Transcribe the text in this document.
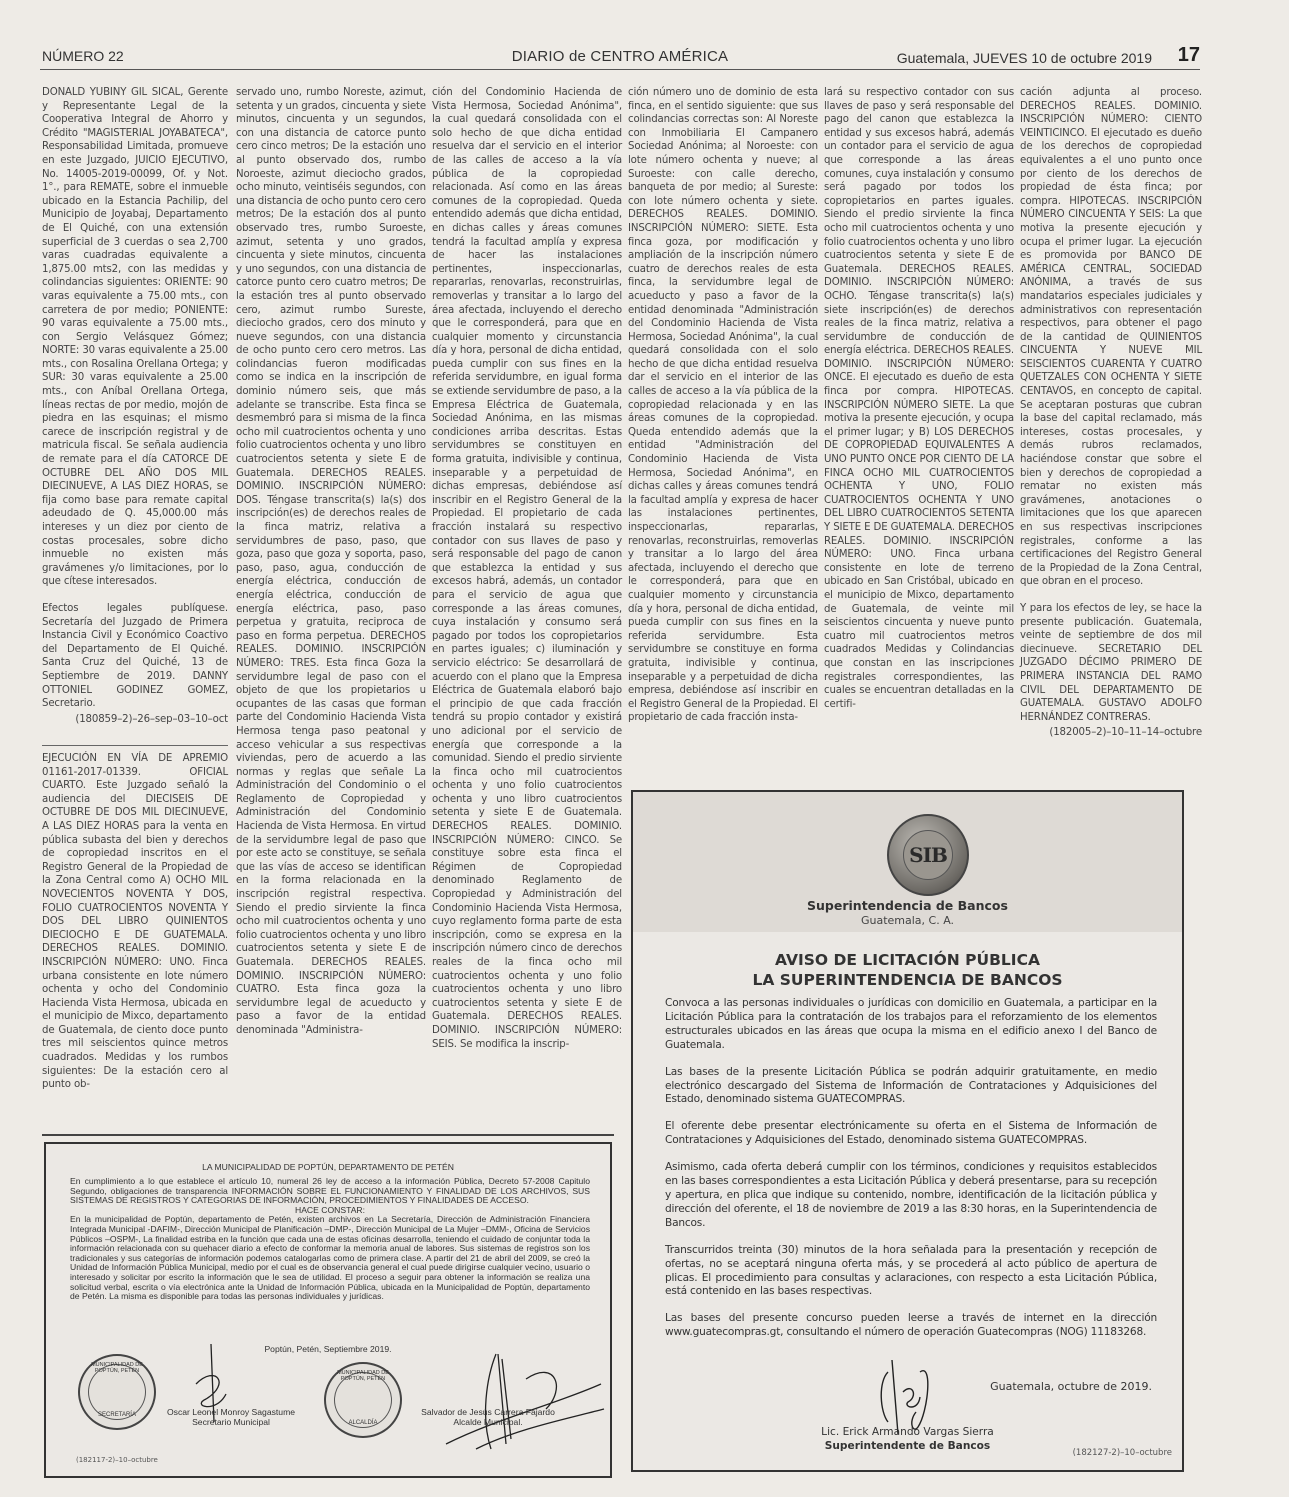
NÚMERO 22	DIARIO de CENTRO AMÉRICA	Guatemala, JUEVES 10 de octubre 2019 17

DONALD YUBINY GIL SICAL, Gerente y Representante Legal de la Cooperativa Integral de Ahorro y Crédito "MAGISTERIAL JOYABATECA", Responsabilidad Limitada, promueve en este Juzgado, JUICIO EJECUTIVO, No. 14005-2019-00099, Of. y Not. 1°., para REMATE, sobre el inmueble ubicado en la Estancia Pachilip, del Municipio de Joyabaj, Departamento de El Quiché, con una extensión superficial de 3 cuerdas o sea 2,700 varas cuadradas equivalente a 1,875.00 mts2, con las medidas y colindancias siguientes: ORIENTE: 90 varas equivalente a 75.00 mts., con carretera de por medio; PONIENTE: 90 varas equivalente a 75.00 mts., con Sergio Velásquez Gómez; NORTE: 30 varas equivalente a 25.00 mts., con Rosalina Orellana Ortega; y SUR: 30 varas equivalente a 25.00 mts., con Aníbal Orellana Ortega, líneas rectas de por medio, mojón de piedra en las esquinas; el mismo carece de inscripción registral y de matricula fiscal. Se señala audiencia de remate para el día CATORCE DE OCTUBRE DEL AÑO DOS MIL DIECINUEVE, A LAS DIEZ HORAS, se fija como base para remate capital adeudado de Q. 45,000.00 más intereses y un diez por ciento de costas procesales, sobre dicho inmueble no existen más gravámenes y/o limitaciones, por lo que cítese interesados.

Efectos legales publíquese. Secretaría del Juzgado de Primera Instancia Civil y Económico Coactivo del Departamento de El Quiché. Santa Cruz del Quiché, 13 de Septiembre de 2019. DANNY OTTONIEL GODINEZ GOMEZ, Secretario.

(180859–2)–26–sep–03–10–oct

EJECUCIÓN EN VÍA DE APREMIO 01161-2017-01339. OFICIAL CUARTO. Este Juzgado señaló la audiencia del DIECISEIS DE OCTUBRE DE DOS MIL DIECINUEVE, A LAS DIEZ HORAS para la venta en pública subasta del bien y derechos de copropiedad inscritos en el Registro General de la Propiedad de la Zona Central como A) OCHO MIL NOVECIENTOS NOVENTA Y DOS, FOLIO CUATROCIENTOS NOVENTA Y DOS DEL LIBRO QUINIENTOS DIECIOCHO E DE GUATEMALA. DERECHOS REALES. DOMINIO. INSCRIPCIÓN NÚMERO: UNO. Finca urbana consistente en lote número ochenta y ocho del Condominio Hacienda Vista Hermosa, ubicada en el municipio de Mixco, departamento de Guatemala, de ciento doce punto tres mil seiscientos quince metros cuadrados. Medidas y los rumbos siguientes: De la estación cero al punto ob-

servado uno, rumbo Noreste, azimut, setenta y un grados, cincuenta y siete minutos, cincuenta y un segundos, con una distancia de catorce punto cero cinco metros; De la estación uno al punto observado dos, rumbo Noroeste, azimut dieciocho grados, ocho minuto, veintiséis segundos, con una distancia de ocho punto cero cero metros; De la estación dos al punto observado tres, rumbo Suroeste, azimut, setenta y uno grados, cincuenta y siete minutos, cincuenta y uno segundos, con una distancia de catorce punto cero cuatro metros; De la estación tres al punto observado cero, azimut rumbo Sureste, dieciocho grados, cero dos minuto y nueve segundos, con una distancia de ocho punto cero cero metros. Las colindancias fueron modificadas como se indica en la inscripción de dominio número seis, que más adelante se transcribe. Esta finca se desmembró para si misma de la finca ocho mil cuatrocientos ochenta y uno folio cuatrocientos ochenta y uno libro cuatrocientos setenta y siete E de Guatemala. DERECHOS REALES. DOMINIO. INSCRIPCIÓN NÚMERO: DOS. Téngase transcrita(s) la(s) dos inscripción(es) de derechos reales de la finca matriz, relativa a servidumbres de paso, paso, que goza, paso que goza y soporta, paso, paso, paso, agua, conducción de energía eléctrica, conducción de energía eléctrica, conducción de energía eléctrica, paso, paso perpetua y gratuita, reciproca de paso en forma perpetua. DERECHOS REALES. DOMINIO. INSCRIPCIÓN NÚMERO: TRES. Esta finca Goza la servidumbre legal de paso con el objeto de que los propietarios u ocupantes de las casas que forman parte del Condominio Hacienda Vista Hermosa tenga paso peatonal y acceso vehicular a sus respectivas viviendas, pero de acuerdo a las normas y reglas que señale La Administración del Condominio o el Reglamento de Copropiedad y Administración del Condominio Hacienda de Vista Hermosa. En virtud de la servidumbre legal de paso que por este acto se constituye, se señala que las vías de acceso se identifican en la forma relacionada en la inscripción registral respectiva. Siendo el predio sirviente la finca ocho mil cuatrocientos ochenta y uno folio cuatrocientos ochenta y uno libro cuatrocientos setenta y siete E de Guatemala. DERECHOS REALES. DOMINIO. INSCRIPCIÓN NÚMERO: CUATRO. Esta finca goza la servidumbre legal de acueducto y paso a favor de la entidad denominada "Administra-

ción del Condominio Hacienda de Vista Hermosa, Sociedad Anónima", la cual quedará consolidada con el solo hecho de que dicha entidad resuelva dar el servicio en el interior de las calles de acceso a la vía pública de la copropiedad relacionada. Así como en las áreas comunes de la copropiedad. Queda entendido además que dicha entidad, en dichas calles y áreas comunes tendrá la facultad amplía y expresa de hacer las instalaciones pertinentes, inspeccionarlas, repararlas, renovarlas, reconstruirlas, removerlas y transitar a lo largo del área afectada, incluyendo el derecho que le corresponderá, para que en cualquier momento y circunstancia día y hora, personal de dicha entidad, pueda cumplir con sus fines en la referida servidumbre, en igual forma se extiende servidumbre de paso, a la Empresa Eléctrica de Guatemala, Sociedad Anónima, en las mismas condiciones arriba descritas. Estas servidumbres se constituyen en forma gratuita, indivisible y continua, inseparable y a perpetuidad de dichas empresas, debiéndose así inscribir en el Registro General de la Propiedad. El propietario de cada fracción instalará su respectivo contador con sus llaves de paso y será responsable del pago de canon que establezca la entidad y sus excesos habrá, además, un contador para el servicio de agua que corresponde a las áreas comunes, cuya instalación y consumo será pagado por todos los copropietarios en partes iguales; c) iluminación y servicio eléctrico: Se desarrollará de acuerdo con el plano que la Empresa Eléctrica de Guatemala elaboró bajo el principio de que cada fracción tendrá su propio contador y existirá uno adicional por el servicio de energía que corresponde a la comunidad. Siendo el predio sirviente la finca ocho mil cuatrocientos ochenta y uno folio cuatrocientos ochenta y uno libro cuatrocientos setenta y siete E de Guatemala. DERECHOS REALES. DOMINIO. INSCRIPCIÓN NÚMERO: CINCO. Se constituye sobre esta finca el Régimen de Copropiedad denominado Reglamento de Copropiedad y Administración del Condominio Hacienda Vista Hermosa, cuyo reglamento forma parte de esta inscripción, como se expresa en la inscripción número cinco de derechos reales de la finca ocho mil cuatrocientos ochenta y uno folio cuatrocientos ochenta y uno libro cuatrocientos setenta y siete E de Guatemala. DERECHOS REALES. DOMINIO. INSCRIPCIÓN NÚMERO: SEIS. Se modifica la inscrip-

ción número uno de dominio de esta finca, en el sentido siguiente: que sus colindancias correctas son: Al Noreste con Inmobiliaria El Campanero Sociedad Anónima; al Noroeste: con lote número ochenta y nueve; al Suroeste: con calle derecho, banqueta de por medio; al Sureste: con lote número ochenta y siete. DERECHOS REALES. DOMINIO. INSCRIPCIÓN NÚMERO: SIETE. Esta finca goza, por modificación y ampliación de la inscripción número cuatro de derechos reales de esta finca, la servidumbre legal de acueducto y paso a favor de la entidad denominada "Administración del Condominio Hacienda de Vista Hermosa, Sociedad Anónima", la cual quedará consolidada con el solo hecho de que dicha entidad resuelva dar el servicio en el interior de las calles de acceso a la vía pública de la copropiedad relacionada y en las áreas comunes de la copropiedad. Queda entendido además que la entidad "Administración del Condominio Hacienda de Vista Hermosa, Sociedad Anónima", en dichas calles y áreas comunes tendrá la facultad amplía y expresa de hacer las instalaciones pertinentes, inspeccionarlas, repararlas, renovarlas, reconstruirlas, removerlas y transitar a lo largo del área afectada, incluyendo el derecho que le corresponderá, para que en cualquier momento y circunstancia día y hora, personal de dicha entidad, pueda cumplir con sus fines en la referida servidumbre. Esta servidumbre se constituye en forma gratuita, indivisible y continua, inseparable y a perpetuidad de dicha empresa, debiéndose así inscribir en el Registro General de la Propiedad. El propietario de cada fracción insta-

lará su respectivo contador con sus llaves de paso y será responsable del pago del canon que establezca la entidad y sus excesos habrá, además un contador para el servicio de agua que corresponde a las áreas comunes, cuya instalación y consumo será pagado por todos los copropietarios en partes iguales. Siendo el predio sirviente la finca ocho mil cuatrocientos ochenta y uno folio cuatrocientos ochenta y uno libro cuatrocientos setenta y siete E de Guatemala. DERECHOS REALES. DOMINIO. INSCRIPCIÓN NÚMERO: OCHO. Téngase transcrita(s) la(s) siete inscripción(es) de derechos reales de la finca matriz, relativa a servidumbre de conducción de energía eléctrica. DERECHOS REALES. DOMINIO. INSCRIPCIÓN NÚMERO: ONCE. El ejecutado es dueño de esta finca por compra. HIPOTECAS. INSCRIPCIÓN NÚMERO SIETE. La que motiva la presente ejecución, y ocupa el primer lugar; y B) LOS DERECHOS DE COPROPIEDAD EQUIVALENTES A UNO PUNTO ONCE POR CIENTO DE LA FINCA OCHO MIL CUATROCIENTOS OCHENTA Y UNO, FOLIO CUATROCIENTOS OCHENTA Y UNO DEL LIBRO CUATROCIENTOS SETENTA Y SIETE E DE GUATEMALA. DERECHOS REALES. DOMINIO. INSCRIPCIÓN NÚMERO: UNO. Finca urbana consistente en lote de terreno ubicado en San Cristóbal, ubicado en el municipio de Mixco, departamento de Guatemala, de veinte mil seiscientos cincuenta y nueve punto cuatro mil cuatrocientos metros cuadrados Medidas y Colindancias que constan en las inscripciones registrales correspondientes, las cuales se encuentran detalladas en la certifi-

cación adjunta al proceso. DERECHOS REALES. DOMINIO. INSCRIPCIÓN NÚMERO: CIENTO VEINTICINCO. El ejecutado es dueño de los derechos de copropiedad equivalentes a el uno punto once por ciento de los derechos de propiedad de ésta finca; por compra. HIPOTECAS. INSCRIPCIÓN NÚMERO CINCUENTA Y SEIS: La que motiva la presente ejecución y ocupa el primer lugar. La ejecución es promovida por BANCO DE AMÉRICA CENTRAL, SOCIEDAD ANÓNIMA, a través de sus mandatarios especiales judiciales y administrativos con representación respectivos, para obtener el pago de la cantidad de QUINIENTOS CINCUENTA Y NUEVE MIL SEISCIENTOS CUARENTA Y CUATRO QUETZALES CON OCHENTA Y SIETE CENTAVOS, en concepto de capital. Se aceptaran posturas que cubran la base del capital reclamado, más intereses, costas procesales, y demás rubros reclamados, haciéndose constar que sobre el bien y derechos de copropiedad a rematar no existen más gravámenes, anotaciones o limitaciones que los que aparecen en sus respectivas inscripciones registrales, conforme a las certificaciones del Registro General de la Propiedad de la Zona Central, que obran en el proceso.

Y para los efectos de ley, se hace la presente publicación. Guatemala, veinte de septiembre de dos mil diecinueve. SECRETARIO DEL JUZGADO DÉCIMO PRIMERO DE PRIMERA INSTANCIA DEL RAMO CIVIL DEL DEPARTAMENTO DE GUATEMALA. GUSTAVO ADOLFO HERNÁNDEZ CONTRERAS.

(182005–2)–10–11–14–octubre
SIB
Superintendencia de Bancos
Guatemala, C. A.
AVISO DE LICITACIÓN PÚBLICA
LA SUPERINTENDENCIA DE BANCOS

Convoca a las personas individuales o jurídicas con domicilio en Guatemala, a participar en la Licitación Pública para la contratación de los trabajos para el reforzamiento de los elementos estructurales ubicados en las áreas que ocupa la misma en el edificio anexo I del Banco de Guatemala.

Las bases de la presente Licitación Pública se podrán adquirir gratuitamente, en medio electrónico descargado del Sistema de Información de Contrataciones y Adquisiciones del Estado, denominado sistema GUATECOMPRAS.

El oferente debe presentar electrónicamente su oferta en el Sistema de Información de Contrataciones y Adquisiciones del Estado, denominado sistema GUATECOMPRAS.

Asimismo, cada oferta deberá cumplir con los términos, condiciones y requisitos establecidos en las bases correspondientes a esta Licitación Pública y deberá presentarse, para su recepción y apertura, en plica que indique su contenido, nombre, identificación de la licitación pública y dirección del oferente, el 18 de noviembre de 2019 a las 8:30 horas, en la Superintendencia de Bancos.

Transcurridos treinta (30) minutos de la hora señalada para la presentación y recepción de ofertas, no se aceptará ninguna oferta más, y se procederá al acto público de apertura de plicas. El procedimiento para consultas y aclaraciones, con respecto a esta Licitación Pública, está contenido en las bases respectivas.

Las bases del presente concurso pueden leerse a través de internet en la dirección www.guatecompras.gt, consultando el número de operación Guatecompras (NOG) 11183268.

Guatemala, octubre de 2019.
Lic. Erick Armando Vargas Sierra
Superintendente de Bancos
(182127-2)–10–octubre
LA MUNICIPALIDAD DE POPTÚN, DEPARTAMENTO DE PETÉN
En cumplimiento a lo que establece el artículo 10, numeral 26 ley de acceso a la información Pública, Decreto 57-2008 Capitulo Segundo, obligaciones de transparencia INFORMACIÓN SOBRE EL FUNCIONAMIENTO Y FINALIDAD DE LOS ARCHIVOS, SUS SISTEMAS DE REGISTROS Y CATEGORIAS DE INFORMACIÓN, PROCEDIMIENTOS Y FINALIDADES DE ACCESO.
HACE CONSTAR:
En la municipalidad de Poptún, departamento de Petén, existen archivos en La Secretaría, Dirección de Administración Financiera Integrada Municipal -DAFIM-, Dirección Municipal de Planificación –DMP-, Dirección Municipal de La Mujer –DMM-, Oficina de Servicios Públicos –OSPM-, La finalidad estriba en la función que cada una de estas oficinas desarrolla, teniendo el cuidado de conjuntar toda la información relacionada con su quehacer diario a efecto de conformar la memoria anual de labores. Sus sistemas de registros son los tradicionales y sus categorías de información podemos catalogarlas como de primera clase. A partir del 21 de abril del 2009, se creó la Unidad de Información Pública Municipal, medio por el cual es de observancia general el cual puede dirigirse cualquier vecino, usuario o interesado y solicitar por escrito la información que le sea de utilidad. El proceso a seguir para obtener la información se realiza una solicitud verbal, escrita o vía electrónica ante la Unidad de Información Pública, ubicada en la Municipalidad de Poptún, departamento de Petén. La misma es disponible para todas las personas individuales y jurídicas.
Poptún, Petén, Septiembre 2019.
MUNICIPALIDAD DE POPTÚN, PETÉN
SECRETARÍA	Oscar Leonel Monroy Sagastume
Secretario Municipal
MUNICIPALIDAD DE POPTÚN, PETÉN
ALCALDÍA
Salvador de Jesús Carrera Fajardo
Alcalde Municipal.
(182117-2)–10–octubre
